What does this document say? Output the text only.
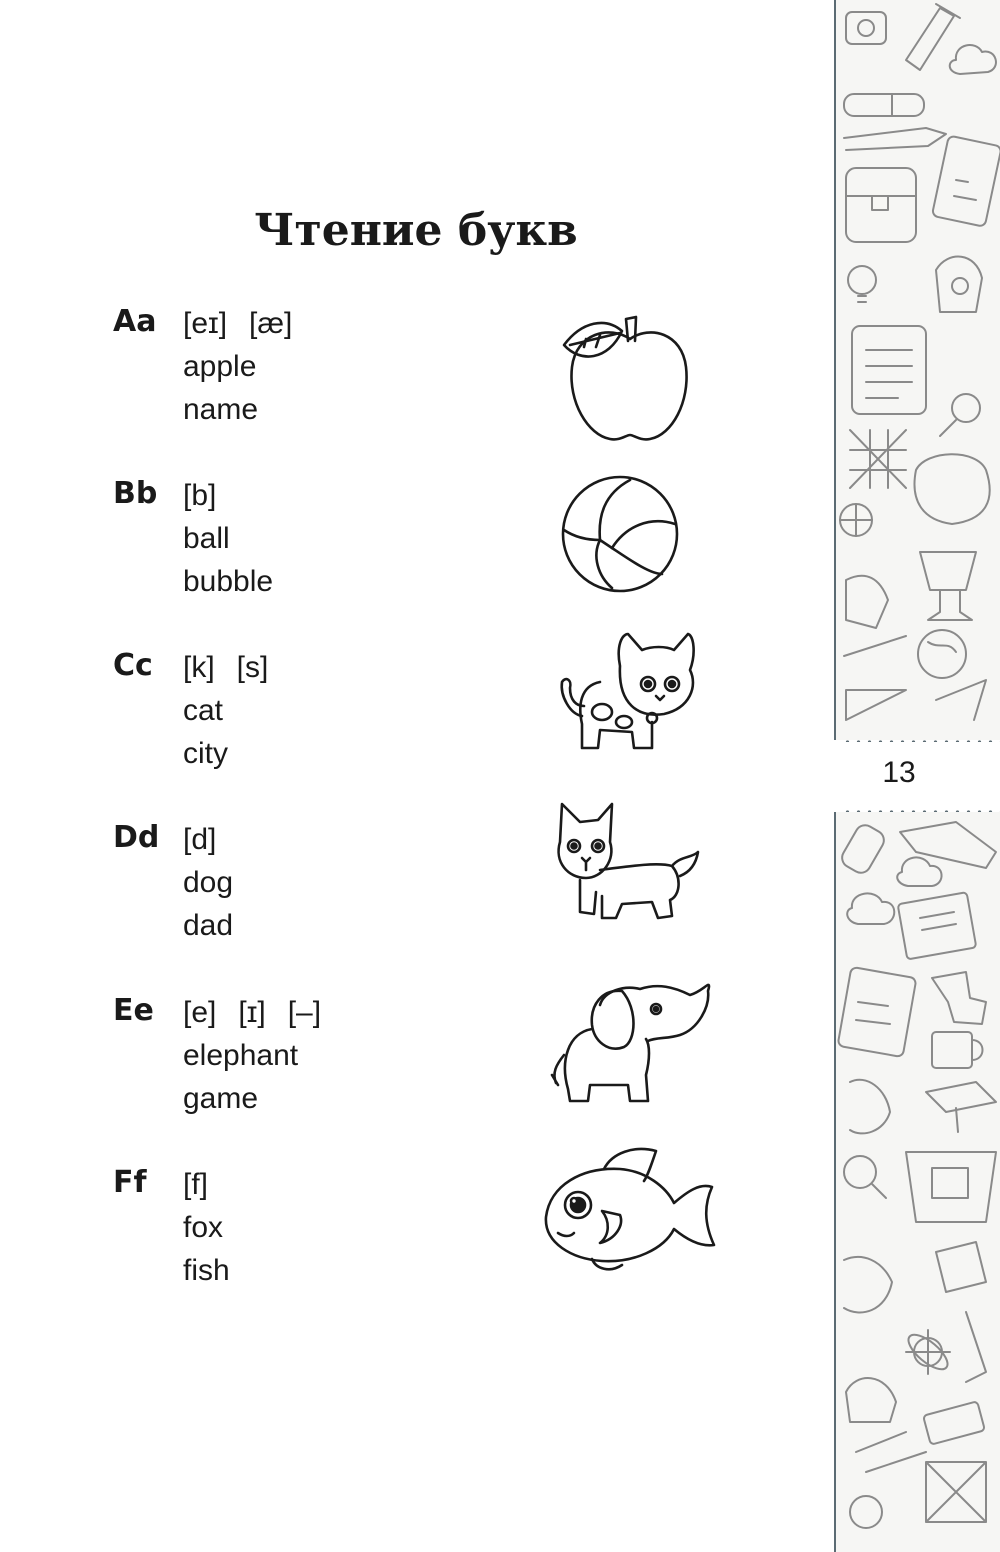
Чтение букв
Aa [eɪ] [æ]
apple
name
Bb [b]
ball
bubble
Cc [k] [s]
cat
city
Dd [d]
dog
dad
Ee [e] [ɪ] [–]
elephant
game
Ff [f]
fox
fish
13
